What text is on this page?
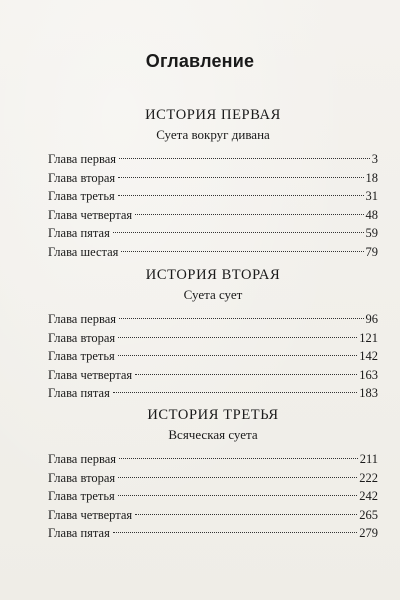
Оглавление
ИСТОРИЯ ПЕРВАЯ
Суета вокруг дивана
Глава первая	3
Глава вторая	18
Глава третья	31
Глава четвертая	48
Глава пятая	59
Глава шестая	79
ИСТОРИЯ ВТОРАЯ
Суета сует
Глава первая	96
Глава вторая	121
Глава третья	142
Глава четвертая	163
Глава пятая	183
ИСТОРИЯ ТРЕТЬЯ
Всяческая суета
Глава первая	211
Глава вторая	222
Глава третья	242
Глава четвертая	265
Глава пятая	279
